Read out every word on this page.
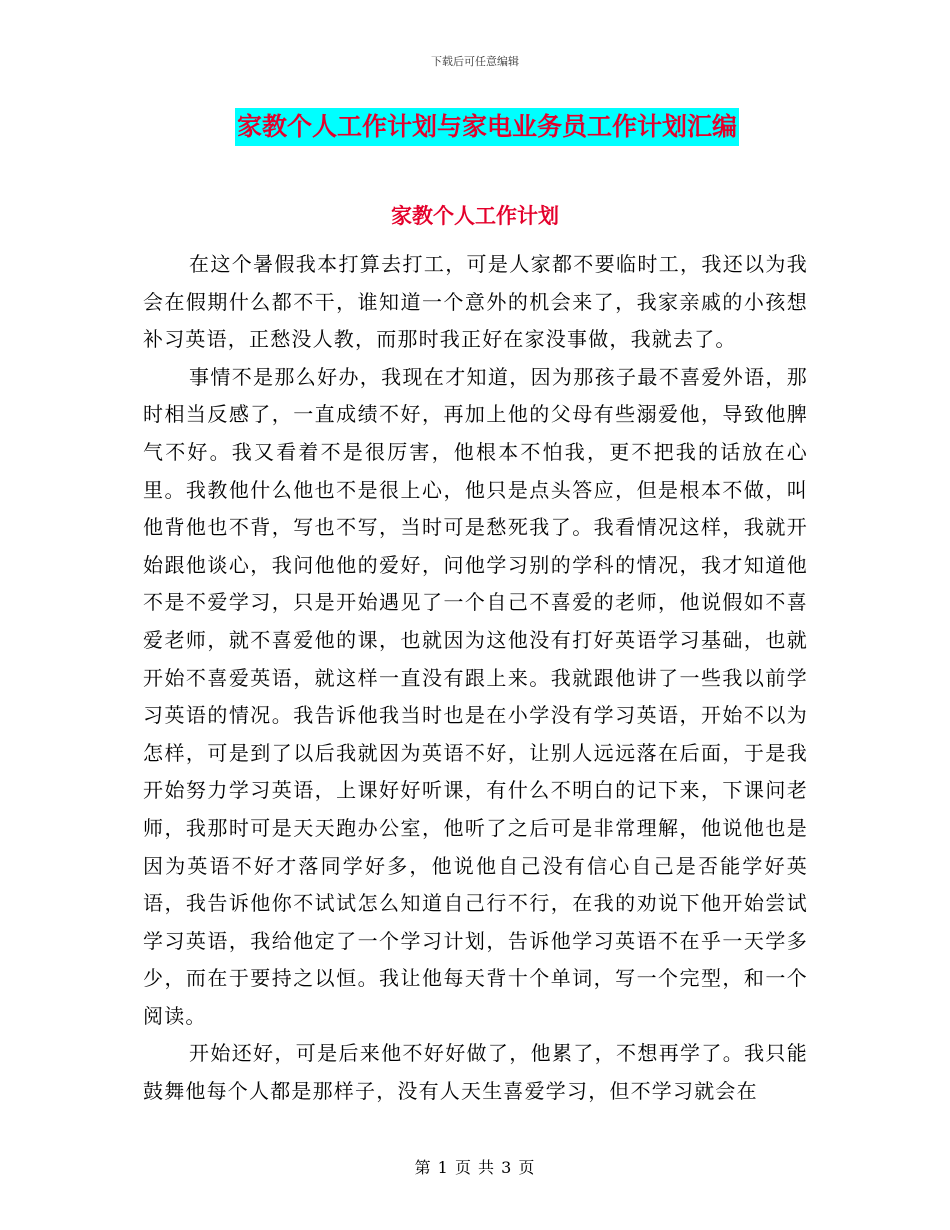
下载后可任意编辑
家教个人工作计划与家电业务员工作计划汇编
家教个人工作计划

在这个暑假我本打算去打工，可是人家都不要临时工，我还以为我会在假期什么都不干，谁知道一个意外的机会来了，我家亲戚的小孩想补习英语，正愁没人教，而那时我正好在家没事做，我就去了。

事情不是那么好办，我现在才知道，因为那孩子最不喜爱外语，那时相当反感了，一直成绩不好，再加上他的父母有些溺爱他，导致他脾气不好。我又看着不是很厉害，他根本不怕我，更不把我的话放在心里。我教他什么他也不是很上心，他只是点头答应，但是根本不做，叫他背他也不背，写也不写，当时可是愁死我了。我看情况这样，我就开始跟他谈心，我问他他的爱好，问他学习别的学科的情况，我才知道他不是不爱学习，只是开始遇见了一个自己不喜爱的老师，他说假如不喜爱老师，就不喜爱他的课，也就因为这他没有打好英语学习基础，也就开始不喜爱英语，就这样一直没有跟上来。我就跟他讲了一些我以前学习英语的情况。我告诉他我当时也是在小学没有学习英语，开始不以为怎样，可是到了以后我就因为英语不好，让别人远远落在后面，于是我开始努力学习英语，上课好好听课，有什么不明白的记下来，下课问老师，我那时可是天天跑办公室，他听了之后可是非常理解，他说他也是因为英语不好才落同学好多，他说他自己没有信心自己是否能学好英语，我告诉他你不试试怎么知道自己行不行，在我的劝说下他开始尝试学习英语，我给他定了一个学习计划，告诉他学习英语不在乎一天学多少，而在于要持之以恒。我让他每天背十个单词，写一个完型，和一个阅读。

开始还好，可是后来他不好好做了，他累了，不想再学了。我只能鼓舞他每个人都是那样子，没有人天生喜爱学习，但不学习就会在

第 1 页 共 3 页
